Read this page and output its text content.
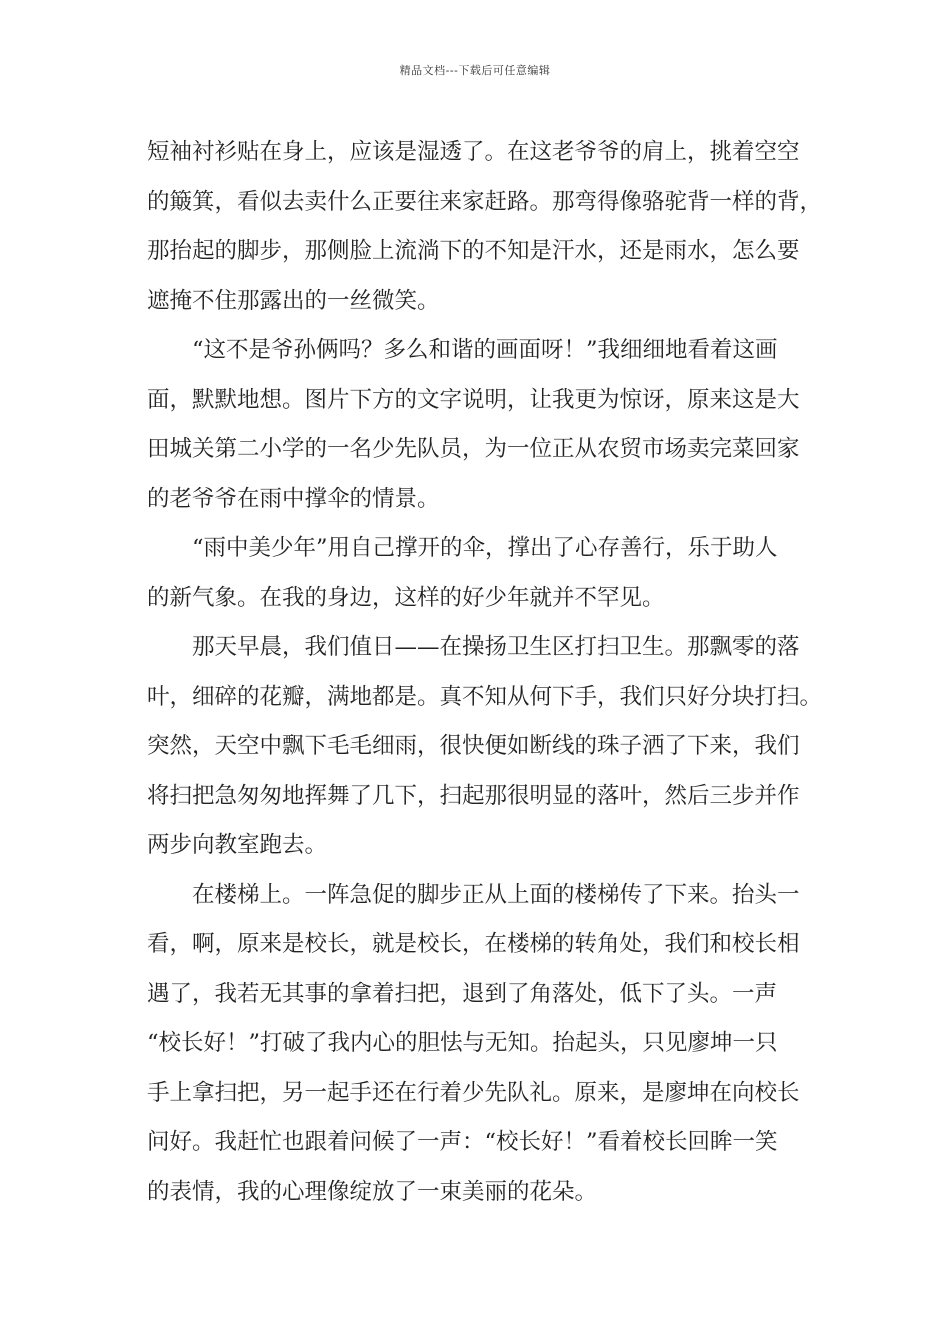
精品文档---下载后可任意编辑
短袖衬衫贴在身上，应该是湿透了。在这老爷爷的肩上，挑着空空
的簸箕，看似去卖什么正要往来家赶路。那弯得像骆驼背一样的背，
那抬起的脚步，那侧脸上流淌下的不知是汗水，还是雨水，怎么要
遮掩不住那露出的一丝微笑。
“这不是爷孙俩吗？多么和谐的画面呀！”我细细地看着这画
面，默默地想。图片下方的文字说明，让我更为惊讶，原来这是大
田城关第二小学的一名少先队员，为一位正从农贸市场卖完菜回家
的老爷爷在雨中撑伞的情景。
“雨中美少年”用自己撑开的伞，撑出了心存善行，乐于助人
的新气象。在我的身边，这样的好少年就并不罕见。
那天早晨，我们值日——在操扬卫生区打扫卫生。那飘零的落
叶，细碎的花瓣，满地都是。真不知从何下手，我们只好分块打扫。
突然，天空中飘下毛毛细雨，很快便如断线的珠子洒了下来，我们
将扫把急匆匆地挥舞了几下，扫起那很明显的落叶，然后三步并作
两步向教室跑去。
在楼梯上。一阵急促的脚步正从上面的楼梯传了下来。抬头一
看，啊，原来是校长，就是校长，在楼梯的转角处，我们和校长相
遇了，我若无其事的拿着扫把，退到了角落处，低下了头。一声
“校长好！”打破了我内心的胆怯与无知。抬起头，只见廖坤一只
手上拿扫把，另一起手还在行着少先队礼。原来，是廖坤在向校长
问好。我赶忙也跟着问候了一声：“校长好！”看着校长回眸一笑
的表情，我的心理像绽放了一束美丽的花朵。
